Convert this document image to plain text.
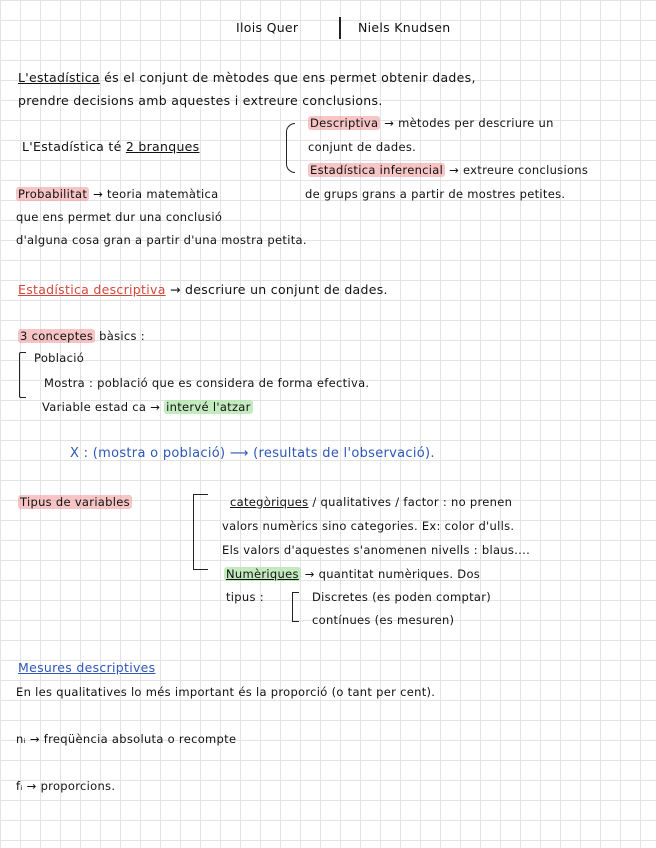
Ilois Quer	Niels Knudsen
L'estadística és el conjunt de mètodes que ens permet obtenir dades,
prendre decisions amb aquestes i extreure conclusions.
L'Estadística té 2 branques
Descriptiva → mètodes per descriure un
conjunt de dades.
Estadística inferencial → extreure conclusions
de grups grans a partir de mostres petites.
Probabilitat → teoria matemàtica
que ens permet dur una conclusió
d'alguna cosa gran a partir d'una mostra petita.
Estadística descriptiva → descriure un conjunt de dades.
3 conceptes bàsics :
Població
Mostra : població que es considera de forma efectiva.
Variable estad ca → intervé l'atzar
X : (mostra o població) ⟶ (resultats de l'observació).
Tipus de variables	categòriques / qualitatives / factor : no prenen
valors numèrics sino categories. Ex: color d'ulls.
Els valors d'aquestes s'anomenen nivells : blaus....
Numèriques → quantitat numèriques. Dos
tipus :	Discretes (es poden comptar)
contínues (es mesuren)
Mesures descriptives
En les qualitatives lo més important és la proporció (o tant per cent).
nᵢ → freqüència absoluta o recompte
fᵢ → proporcions.
